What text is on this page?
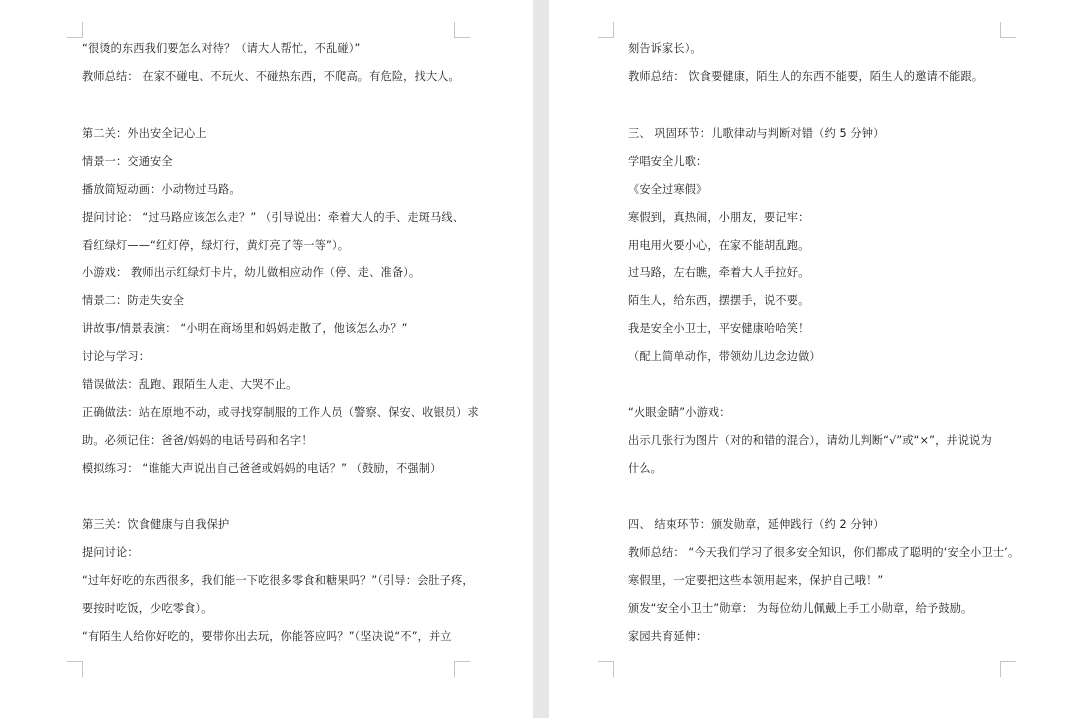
“很烫的东西我们要怎么对待？（请大人帮忙，不乱碰）”
教师总结： 在家不碰电、不玩火、不碰热东西，不爬高。有危险，找大人。
第二关：外出安全记心上
情景一：交通安全
播放简短动画：小动物过马路。
提问讨论： “过马路应该怎么走？” （引导说出：牵着大人的手、走斑马线、
看红绿灯——“红灯停，绿灯行，黄灯亮了等一等”）。
小游戏： 教师出示红绿灯卡片，幼儿做相应动作（停、走、准备）。
情景二：防走失安全
讲故事/情景表演： “小明在商场里和妈妈走散了，他该怎么办？”
讨论与学习：
错误做法：乱跑、跟陌生人走、大哭不止。
正确做法：站在原地不动，或寻找穿制服的工作人员（警察、保安、收银员）求
助。必须记住：爸爸/妈妈的电话号码和名字！
模拟练习： “谁能大声说出自己爸爸或妈妈的电话？” （鼓励，不强制）
第三关：饮食健康与自我保护
提问讨论：
“过年好吃的东西很多，我们能一下吃很多零食和糖果吗？”（引导：会肚子疼，
要按时吃饭，少吃零食）。
“有陌生人给你好吃的，要带你出去玩，你能答应吗？”（坚决说“不”，并立
刻告诉家长）。
教师总结： 饮食要健康，陌生人的东西不能要，陌生人的邀请不能跟。
三、 巩固环节：儿歌律动与判断对错（约 5 分钟）
学唱安全儿歌：
《安全过寒假》
寒假到，真热闹，小朋友，要记牢：
用电用火要小心，在家不能胡乱跑。
过马路，左右瞧，牵着大人手拉好。
陌生人，给东西，摆摆手，说不要。
我是安全小卫士，平安健康哈哈笑！
（配上简单动作，带领幼儿边念边做）
“火眼金睛”小游戏：
出示几张行为图片（对的和错的混合），请幼儿判断“√”或“×”，并说说为
什么。
四、 结束环节：颁发勋章，延伸践行（约 2 分钟）
教师总结： “今天我们学习了很多安全知识，你们都成了聪明的‘安全小卫士’。
寒假里，一定要把这些本领用起来，保护自己哦！”
颁发“安全小卫士”勋章： 为每位幼儿佩戴上手工小勋章，给予鼓励。
家园共育延伸：
